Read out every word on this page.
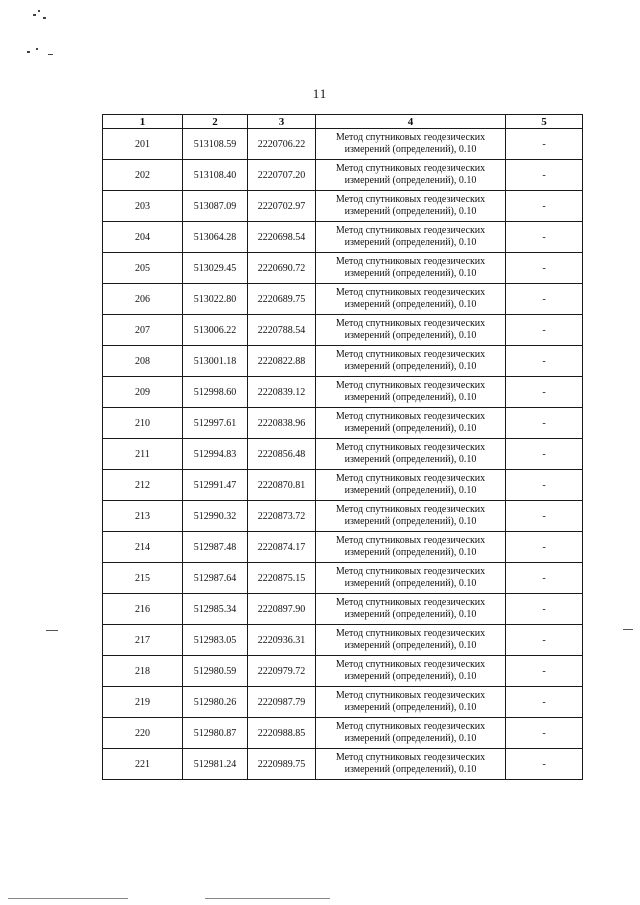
11
1	2	3	4	5
201	513108.59	2220706.22	Метод спутниковых геодезических
измерений (определений), 0.10	-
202	513108.40	2220707.20	Метод спутниковых геодезических
измерений (определений), 0.10	-
203	513087.09	2220702.97	Метод спутниковых геодезических
измерений (определений), 0.10	-
204	513064.28	2220698.54	Метод спутниковых геодезических
измерений (определений), 0.10	-
205	513029.45	2220690.72	Метод спутниковых геодезических
измерений (определений), 0.10	-
206	513022.80	2220689.75	Метод спутниковых геодезических
измерений (определений), 0.10	-
207	513006.22	2220788.54	Метод спутниковых геодезических
измерений (определений), 0.10	-
208	513001.18	2220822.88	Метод спутниковых геодезических
измерений (определений), 0.10	-
209	512998.60	2220839.12	Метод спутниковых геодезических
измерений (определений), 0.10	-
210	512997.61	2220838.96	Метод спутниковых геодезических
измерений (определений), 0.10	-
211	512994.83	2220856.48	Метод спутниковых геодезических
измерений (определений), 0.10	-
212	512991.47	2220870.81	Метод спутниковых геодезических
измерений (определений), 0.10	-
213	512990.32	2220873.72	Метод спутниковых геодезических
измерений (определений), 0.10	-
214	512987.48	2220874.17	Метод спутниковых геодезических
измерений (определений), 0.10	-
215	512987.64	2220875.15	Метод спутниковых геодезических
измерений (определений), 0.10	-
216	512985.34	2220897.90	Метод спутниковых геодезических
измерений (определений), 0.10	-
217	512983.05	2220936.31	Метод спутниковых геодезических
измерений (определений), 0.10	-
218	512980.59	2220979.72	Метод спутниковых геодезических
измерений (определений), 0.10	-
219	512980.26	2220987.79	Метод спутниковых геодезических
измерений (определений), 0.10	-
220	512980.87	2220988.85	Метод спутниковых геодезических
измерений (определений), 0.10	-
221	512981.24	2220989.75	Метод спутниковых геодезических
измерений (определений), 0.10	-
